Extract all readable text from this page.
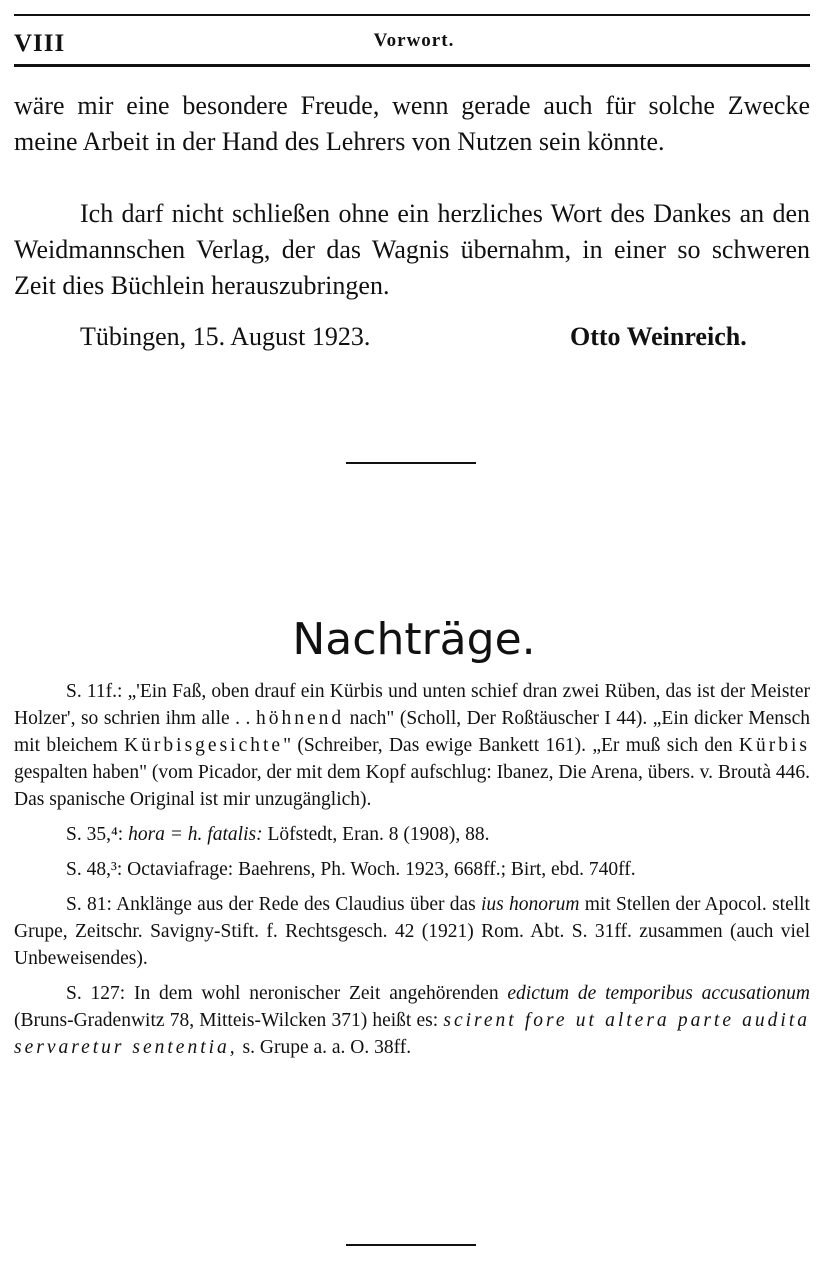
VIII	Vorwort.
wäre mir eine besondere Freude, wenn gerade auch für solche Zwecke meine Arbeit in der Hand des Lehrers von Nutzen sein könnte.
Ich darf nicht schließen ohne ein herzliches Wort des Dankes an den Weidmannschen Verlag, der das Wagnis übernahm, in einer so schweren Zeit dies Büchlein herauszubringen.
Tübingen, 15. August 1923.	Otto Weinreich.
Nachträge.

S. 11f.: „'Ein Faß, oben drauf ein Kürbis und unten schief dran zwei Rüben, das ist der Meister Holzer', so schrien ihm alle . . höhnend nach" (Scholl, Der Roßtäuscher I 44). „Ein dicker Mensch mit bleichem Kürbisgesichte" (Schreiber, Das ewige Bankett 161). „Er muß sich den Kürbis gespalten haben" (vom Picador, der mit dem Kopf aufschlug: Ibanez, Die Arena, übers. v. Broutà 446. Das spanische Original ist mir unzugänglich).

S. 35,⁴: hora = h. fatalis: Löfstedt, Eran. 8 (1908), 88.

S. 48,³: Octaviafrage: Baehrens, Ph. Woch. 1923, 668ff.; Birt, ebd. 740ff.

S. 81: Anklänge aus der Rede des Claudius über das ius honorum mit Stellen der Apocol. stellt Grupe, Zeitschr. Savigny-Stift. f. Rechtsgesch. 42 (1921) Rom. Abt. S. 31ff. zusammen (auch viel Unbeweisendes).

S. 127: In dem wohl neronischer Zeit angehörenden edictum de temporibus accusationum (Bruns-Gradenwitz 78, Mitteis-Wilcken 371) heißt es: scirent fore ut altera parte audita servaretur sententia, s. Grupe a. a. O. 38ff.
